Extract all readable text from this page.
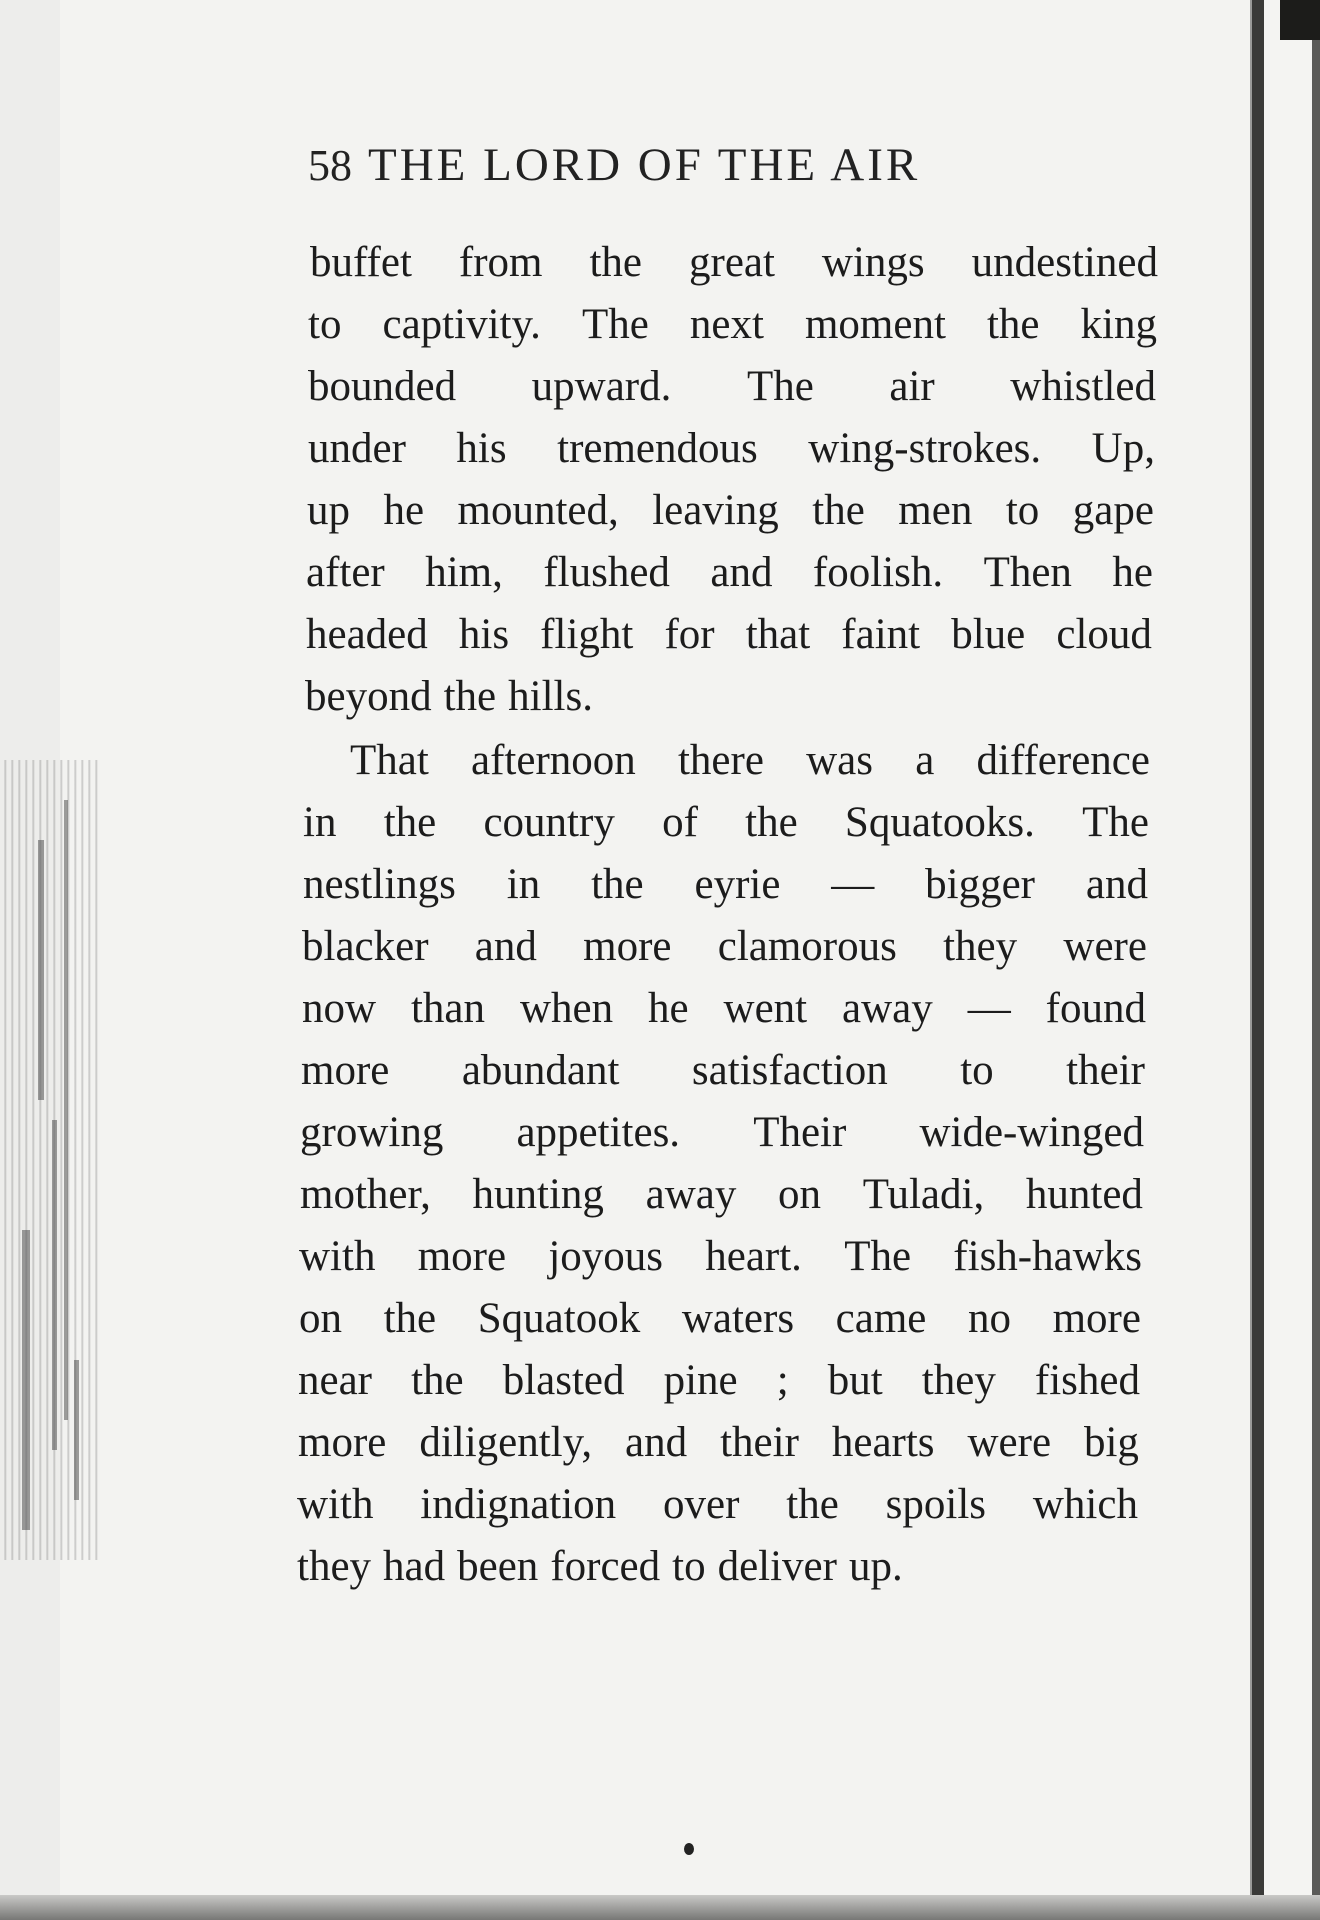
58 THE LORD OF THE AIR
buffet from the great wings undestined
to captivity. The next moment the king
bounded upward. The air whistled
under his tremendous wing-strokes. Up,
up he mounted, leaving the men to gape
after him, flushed and foolish. Then he
headed his flight for that faint blue cloud
beyond the hills.
That afternoon there was a difference
in the country of the Squatooks. The
nestlings in the eyrie — bigger and
blacker and more clamorous they were
now than when he went away — found
more abundant satisfaction to their
growing appetites. Their wide-winged
mother, hunting away on Tuladi, hunted
with more joyous heart. The fish-hawks
on the Squatook waters came no more
near the blasted pine ; but they fished
more diligently, and their hearts were big
with indignation over the spoils which
they had been forced to deliver up.
